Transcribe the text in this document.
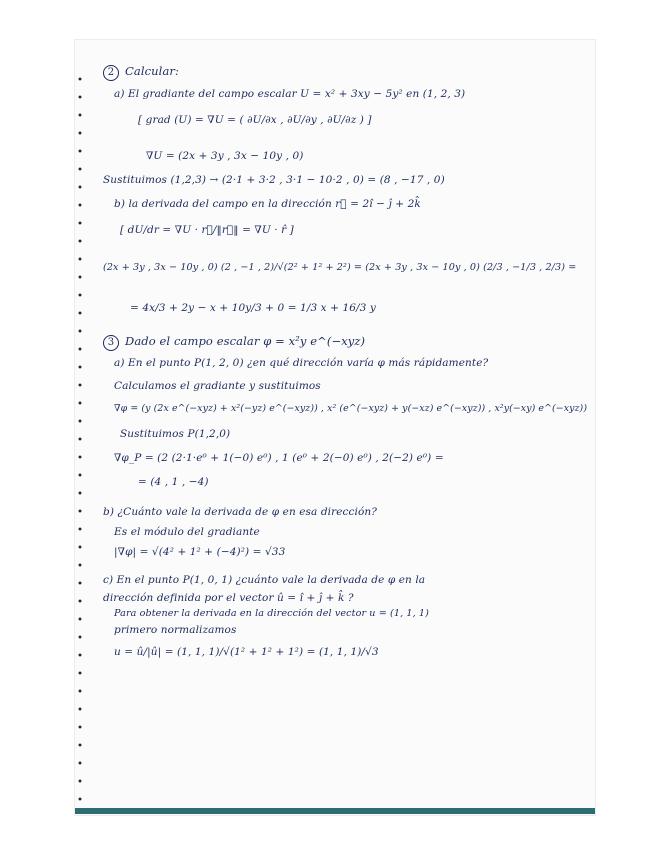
2 Calcular:
a) El gradiante del campo escalar U = x² + 3xy − 5y² en (1, 2, 3)
[ grad (U) = ∇U = ( ∂U/∂x , ∂U/∂y , ∂U/∂z ) ]
∇U = (2x + 3y , 3x − 10y , 0)
Sustituimos (1,2,3) → (2·1 + 3·2 , 3·1 − 10·2 , 0) = (8 , −17 , 0)
b) la derivada del campo en la dirección r⃗ = 2î − ĵ + 2k̂
[ dU/dr = ∇U · r⃗/‖r⃗‖ = ∇U · r̂ ]
(2x + 3y , 3x − 10y , 0) (2 , −1 , 2)/√(2² + 1² + 2²) = (2x + 3y , 3x − 10y , 0) (2/3 , −1/3 , 2/3) =
= 4x/3 + 2y − x + 10y/3 + 0 = 1/3 x + 16/3 y
3 Dado el campo escalar φ = x²y e^(−xyz)
a) En el punto P(1, 2, 0) ¿en qué dirección varía φ más rápidamente?
Calculamos el gradiante y sustituimos
∇φ = (y (2x e^(−xyz) + x²(−yz) e^(−xyz)) , x² (e^(−xyz) + y(−xz) e^(−xyz)) , x²y(−xy) e^(−xyz))
Sustituimos P(1,2,0)
∇φ_P = (2 (2·1·e⁰ + 1(−0) e⁰) , 1 (e⁰ + 2(−0) e⁰) , 2(−2) e⁰) =
= (4 , 1 , −4)
b) ¿Cuánto vale la derivada de φ en esa dirección?
Es el módulo del gradiante
|∇φ| = √(4² + 1² + (−4)²) = √33
c) En el punto P(1, 0, 1) ¿cuánto vale la derivada de φ en la
dirección definida por el vector û = î + ĵ + k̂ ?
Para obtener la derivada en la dirección del vector u = (1, 1, 1)
primero normalizamos
u = û/|û| = (1, 1, 1)/√(1² + 1² + 1²) = (1, 1, 1)/√3
